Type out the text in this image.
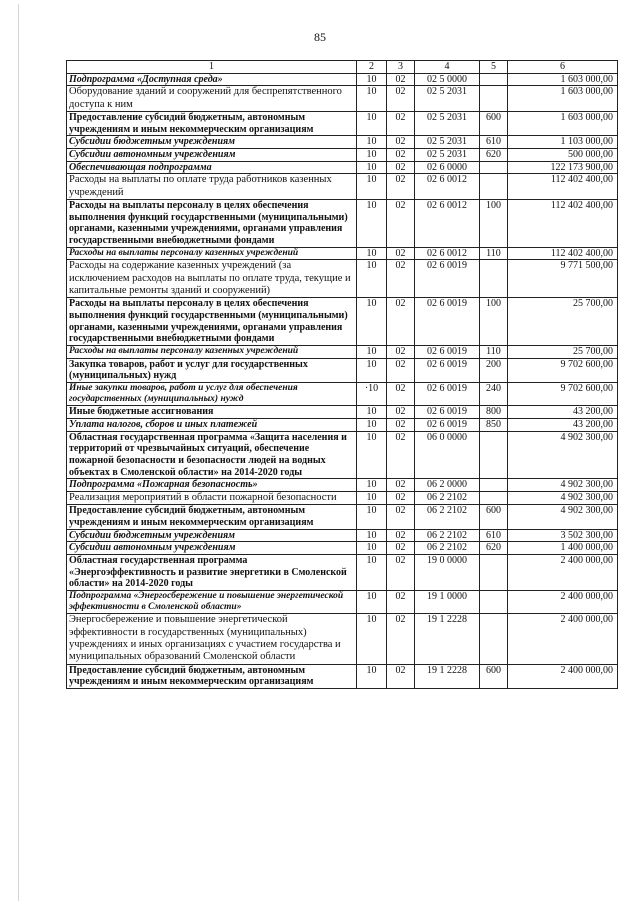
85
1	2	3	4	5	6
Подпрограмма «Доступная среда»	10	02	02 5 0000		1 603 000,00
Оборудование зданий и сооружений для беспрепятственного доступа к ним	10	02	02 5 2031		1 603 000,00
Предоставление субсидий бюджетным, автономным учреждениям и иным некоммерческим организациям	10	02	02 5 2031	600	1 603 000,00
Субсидии бюджетным учреждениям	10	02	02 5 2031	610	1 103 000,00
Субсидии автономным учреждениям	10	02	02 5 2031	620	500 000,00
Обеспечивающая подпрограмма	10	02	02 6 0000		122 173 900,00
Расходы на выплаты по оплате труда работников казенных учреждений	10	02	02 6 0012		112 402 400,00
Расходы на выплаты персоналу в целях обеспечения выполнения функций государственными (муниципальными) органами, казенными учреждениями, органами управления государственными внебюджетными фондами	10	02	02 6 0012	100	112 402 400,00
Расходы на выплаты персоналу казенных учреждений	10	02	02 6 0012	110	112 402 400,00
Расходы на содержание казенных учреждений (за исключением расходов на выплаты по оплате труда, текущие и капитальные ремонты зданий и сооружений)	10	02	02 6 0019		9 771 500,00
Расходы на выплаты персоналу в целях обеспечения выполнения функций государственными (муниципальными) органами, казенными учреждениями, органами управления государственными внебюджетными фондами	10	02	02 6 0019	100	25 700,00
Расходы на выплаты персоналу казенных учреждений	10	02	02 6 0019	110	25 700,00
Закупка товаров, работ и услуг для государственных (муниципальных) нужд	10	02	02 6 0019	200	9 702 600,00
Иные закупки товаров, работ и услуг для обеспечения государственных (муниципальных) нужд	·10	02	02 6 0019	240	9 702 600,00
Иные бюджетные ассигнования	10	02	02 6 0019	800	43 200,00
Уплата налогов, сборов и иных платежей	10	02	02 6 0019	850	43 200,00
Областная государственная программа «Защита населения и территорий от чрезвычайных ситуаций, обеспечение пожарной безопасности и безопасности людей на водных объектах в Смоленской области» на 2014-2020 годы	10	02	06 0 0000		4 902 300,00
Подпрограмма «Пожарная безопасность»	10	02	06 2 0000		4 902 300,00
Реализация мероприятий в области пожарной безопасности	10	02	06 2 2102		4 902 300,00
Предоставление субсидий бюджетным, автономным учреждениям и иным некоммерческим организациям	10	02	06 2 2102	600	4 902 300,00
Субсидии бюджетным учреждениям	10	02	06 2 2102	610	3 502 300,00
Субсидии автономным учреждениям	10	02	06 2 2102	620	1 400 000,00
Областная государственная программа «Энергоэффективность и развитие энергетики в Смоленской области» на 2014-2020 годы	10	02	19 0 0000		2 400 000,00
Подпрограмма «Энергосбережение и повышение энергетической эффективности в Смоленской области»	10	02	19 1 0000		2 400 000,00
Энергосбережение и повышение энергетической эффективности в государственных (муниципальных) учреждениях и иных организациях с участием государства и муниципальных образований Смоленской области	10	02	19 1 2228		2 400 000,00
Предоставление субсидий бюджетным, автономным учреждениям и иным некоммерческим организациям	10	02	19 1 2228	600	2 400 000,00
